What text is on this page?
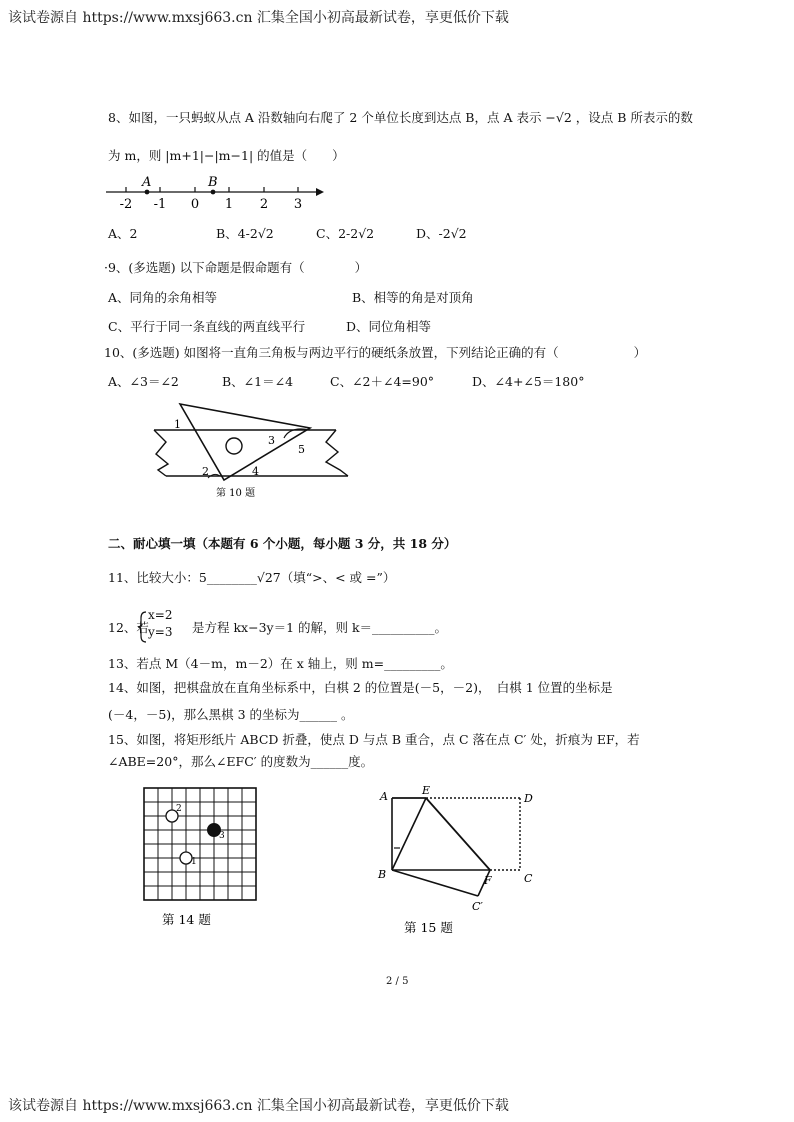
该试卷源自 https://www.mxsj663.cn 汇集全国小初高最新试卷，享更低价下载
该试卷源自 https://www.mxsj663.cn 汇集全国小初高最新试卷，享更低价下载
8、如图，一只蚂蚁从点 A 沿数轴向右爬了 2 个单位长度到达点 B，点 A 表示 −√2 ，设点 B 所表示的数
为 m，则 |m+1|−|m−1| 的值是（　　）
A	B
-2 -1 0 1 2 3
A、2	B、4-2√2	C、2-2√2	D、-2√2
·9、(多选题) 以下命题是假命题有（　　　　）
A、同角的余角相等	B、相等的角是对顶角
C、平行于同一条直线的两直线平行	D、同位角相等
10、(多选题) 如图将一直角三角板与两边平行的硬纸条放置，下列结论正确的有（　　　　　　）
A、∠3＝∠2	B、∠1＝∠4	C、∠2＋∠4=90°	D、∠4+∠5＝180°
1
2
3
4
5
第 10 题
二、耐心填一填（本题有 6 个小题，每小题 3 分，共 18 分）
11、比较大小：5________√27（填“>、< 或 =”）
12、若
x=2
y=3 是方程 kx−3y＝1 的解，则 k＝__________。
13、若点 M（4－m，m－2）在 x 轴上，则 m=_________。
14、如图，把棋盘放在直角坐标系中，白棋 2 的位置是(－5，－2)，　白棋 1 位置的坐标是
(－4，－5)，那么黑棋 3 的坐标为______ 。
15、如图，将矩形纸片 ABCD 折叠，使点 D 与点 B 重合，点 C 落在点 C′ 处，折痕为 EF，若
∠ABE=20°，那么∠EFC′ 的度数为______度。
2
3
1
第 14 题
A	E
D
B	F	C
C′
第 15 题
2 / 5
